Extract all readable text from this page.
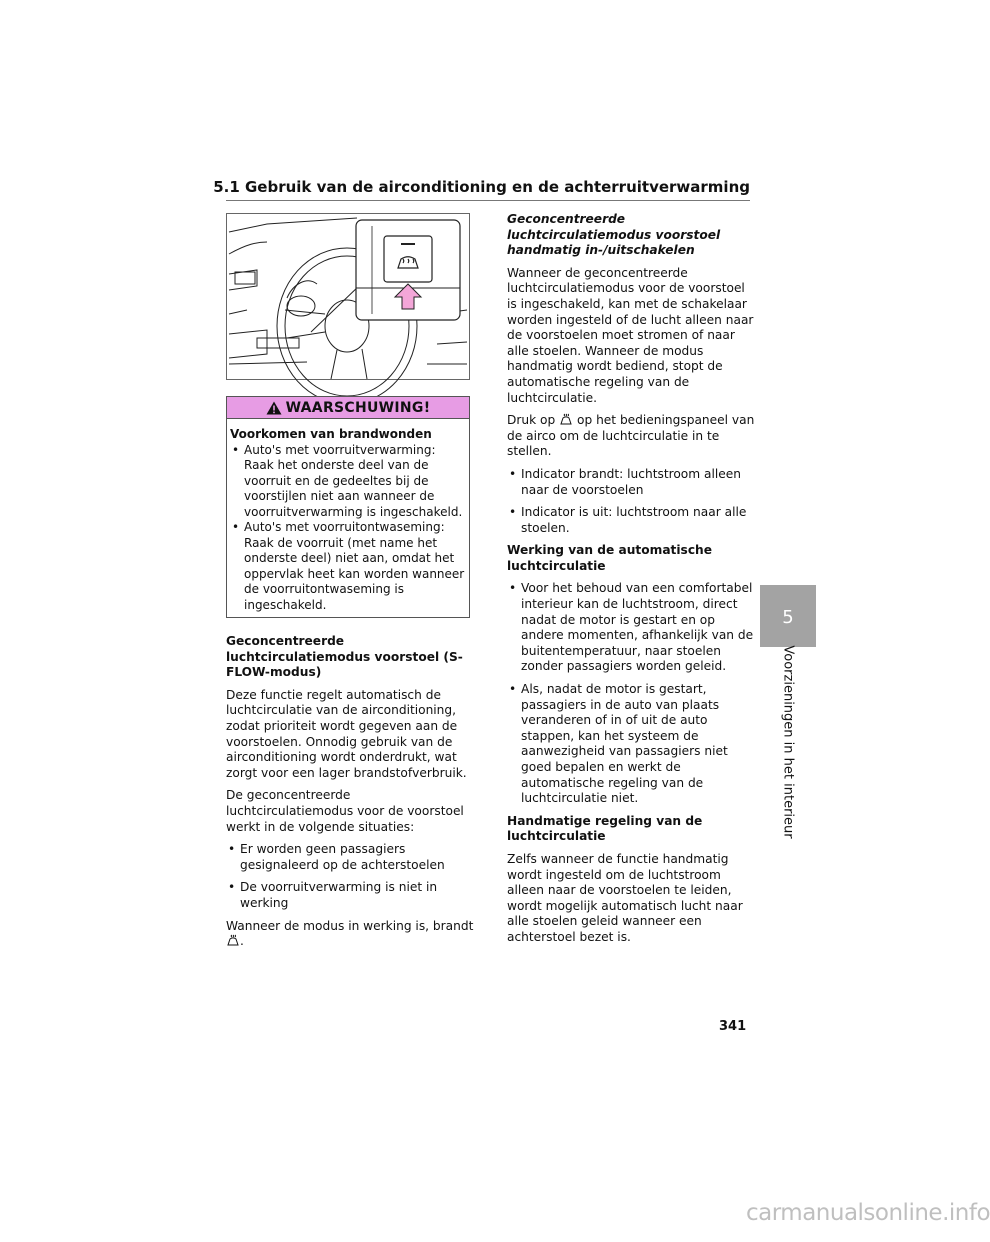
5.1 Gebruik van de airconditioning en de achterruitverwarming
WAARSCHUWING!
Voorkomen van brandwonden
• Auto's met voorruitverwarming: Raak het onderste deel van de voorruit en de gedeeltes bij de voorstijlen niet aan wanneer de voorruitverwarming is ingeschakeld.
• Auto's met voorruitontwaseming: Raak de voorruit (met name het onderste deel) niet aan, omdat het oppervlak heet kan worden wanneer de voorruitontwaseming is ingeschakeld.

Geconcentreerde luchtcirculatiemodus voorstoel (S-FLOW-modus)

Deze functie regelt automatisch de luchtcirculatie van de airconditioning, zodat prioriteit wordt gegeven aan de voorstoelen. Onnodig gebruik van de airconditioning wordt onderdrukt, wat zorgt voor een lager brandstofverbruik.

De geconcentreerde luchtcirculatiemodus voor de voorstoel werkt in de volgende situaties:

• Er worden geen passagiers gesignaleerd op de achterstoelen
• De voorruitverwarming is niet in werking

Wanneer de modus in werking is, brandt
.

Geconcentreerde luchtcirculatiemodus voorstoel handmatig in-/uitschakelen

Wanneer de geconcentreerde luchtcirculatiemodus voor de voorstoel is ingeschakeld, kan met de schakelaar worden ingesteld of de lucht alleen naar de voorstoelen moet stromen of naar alle stoelen. Wanneer de modus handmatig wordt bediend, stopt de automatische regeling van de luchtcirculatie.

Druk op op het bedieningspaneel van de airco om de luchtcirculatie in te stellen.

• Indicator brandt: luchtstroom alleen naar de voorstoelen
• Indicator is uit: luchtstroom naar alle stoelen.

Werking van de automatische luchtcirculatie

• Voor het behoud van een comfortabel interieur kan de luchtstroom, direct nadat de motor is gestart en op andere momenten, afhankelijk van de buitentemperatuur, naar stoelen zonder passagiers worden geleid.
• Als, nadat de motor is gestart, passagiers in de auto van plaats veranderen of in of uit de auto stappen, kan het systeem de aanwezigheid van passagiers niet goed bepalen en werkt de automatische regeling van de luchtcirculatie niet.

Handmatige regeling van de luchtcirculatie

Zelfs wanneer de functie handmatig wordt ingesteld om de luchtstroom alleen naar de voorstoelen te leiden, wordt mogelijk automatisch lucht naar alle stoelen geleid wanneer een achterstoel bezet is.

5
Voorzieningen in het interieur
341
carmanualsonline.info
